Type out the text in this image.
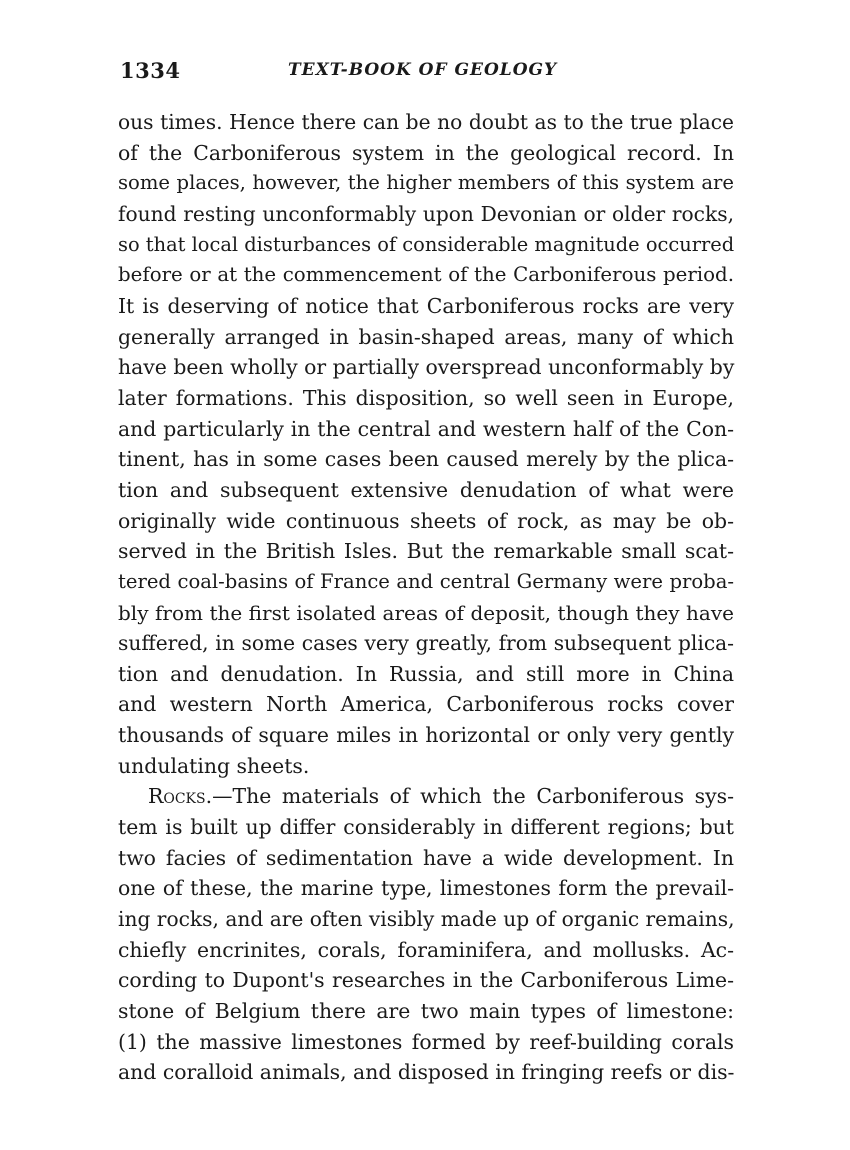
1334	TEXT-BOOK OF GEOLOGY
ous times. Hence there can be no doubt as to the true place
of the Carboniferous system in the geological record. In
some places, however, the higher members of this system are
found resting unconformably upon Devonian or older rocks,
so that local disturbances of considerable magnitude occurred
before or at the commencement of the Carboniferous period.
It is deserving of notice that Carboniferous rocks are very
generally arranged in basin-shaped areas, many of which
have been wholly or partially overspread unconformably by
later formations. This disposition, so well seen in Europe,
and particularly in the central and western half of the Con-
tinent, has in some cases been caused merely by the plica-
tion and subsequent extensive denudation of what were
originally wide continuous sheets of rock, as may be ob-
served in the British Isles. But the remarkable small scat-
tered coal-basins of France and central Germany were proba-
bly from the first isolated areas of deposit, though they have
suffered, in some cases very greatly, from subsequent plica-
tion and denudation. In Russia, and still more in China
and western North America, Carboniferous rocks cover
thousands of square miles in horizontal or only very gently
undulating sheets.
Rocks.—The materials of which the Carboniferous sys-
tem is built up differ considerably in different regions; but
two facies of sedimentation have a wide development. In
one of these, the marine type, limestones form the prevail-
ing rocks, and are often visibly made up of organic remains,
chiefly encrinites, corals, foraminifera, and mollusks. Ac-
cording to Dupont's researches in the Carboniferous Lime-
stone of Belgium there are two main types of limestone:
(1) the massive limestones formed by reef-building corals
and coralloid animals, and disposed in fringing reefs or dis-
